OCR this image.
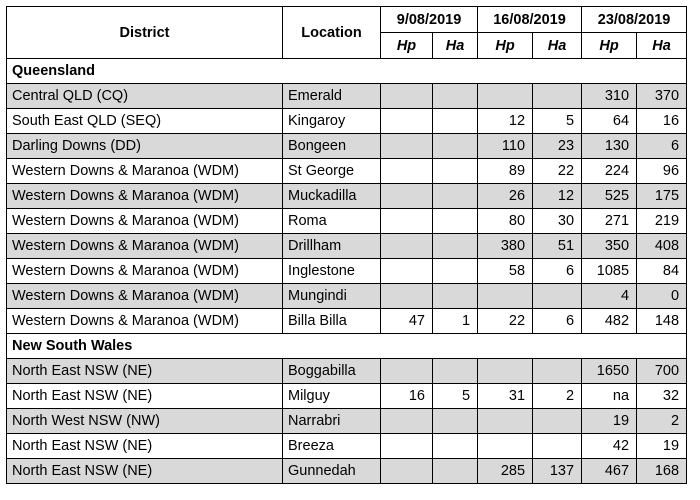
District	Location	9/08/2019		16/08/2019		23/08/2019	
		Hp	Ha	Hp	Ha	Hp	Ha
Queensland							
Central QLD (CQ)	Emerald					310	370
South East QLD (SEQ)	Kingaroy			12	5	64	16
Darling Downs (DD)	Bongeen			110	23	130	6
Western Downs & Maranoa (WDM)	St George			89	22	224	96
Western Downs & Maranoa (WDM)	Muckadilla			26	12	525	175
Western Downs & Maranoa (WDM)	Roma			80	30	271	219
Western Downs & Maranoa (WDM)	Drillham			380	51	350	408
Western Downs & Maranoa (WDM)	Inglestone			58	6	1085	84
Western Downs & Maranoa (WDM)	Mungindi					4	0
Western Downs & Maranoa (WDM)	Billa Billa	47	1	22	6	482	148
New South Wales							
North East NSW (NE)	Boggabilla					1650	700
North East NSW (NE)	Milguy	16	5	31	2	na	32
North West NSW (NW)	Narrabri					19	2
North East NSW (NE)	Breeza					42	19
North East NSW (NE)	Gunnedah			285	137	467	168
